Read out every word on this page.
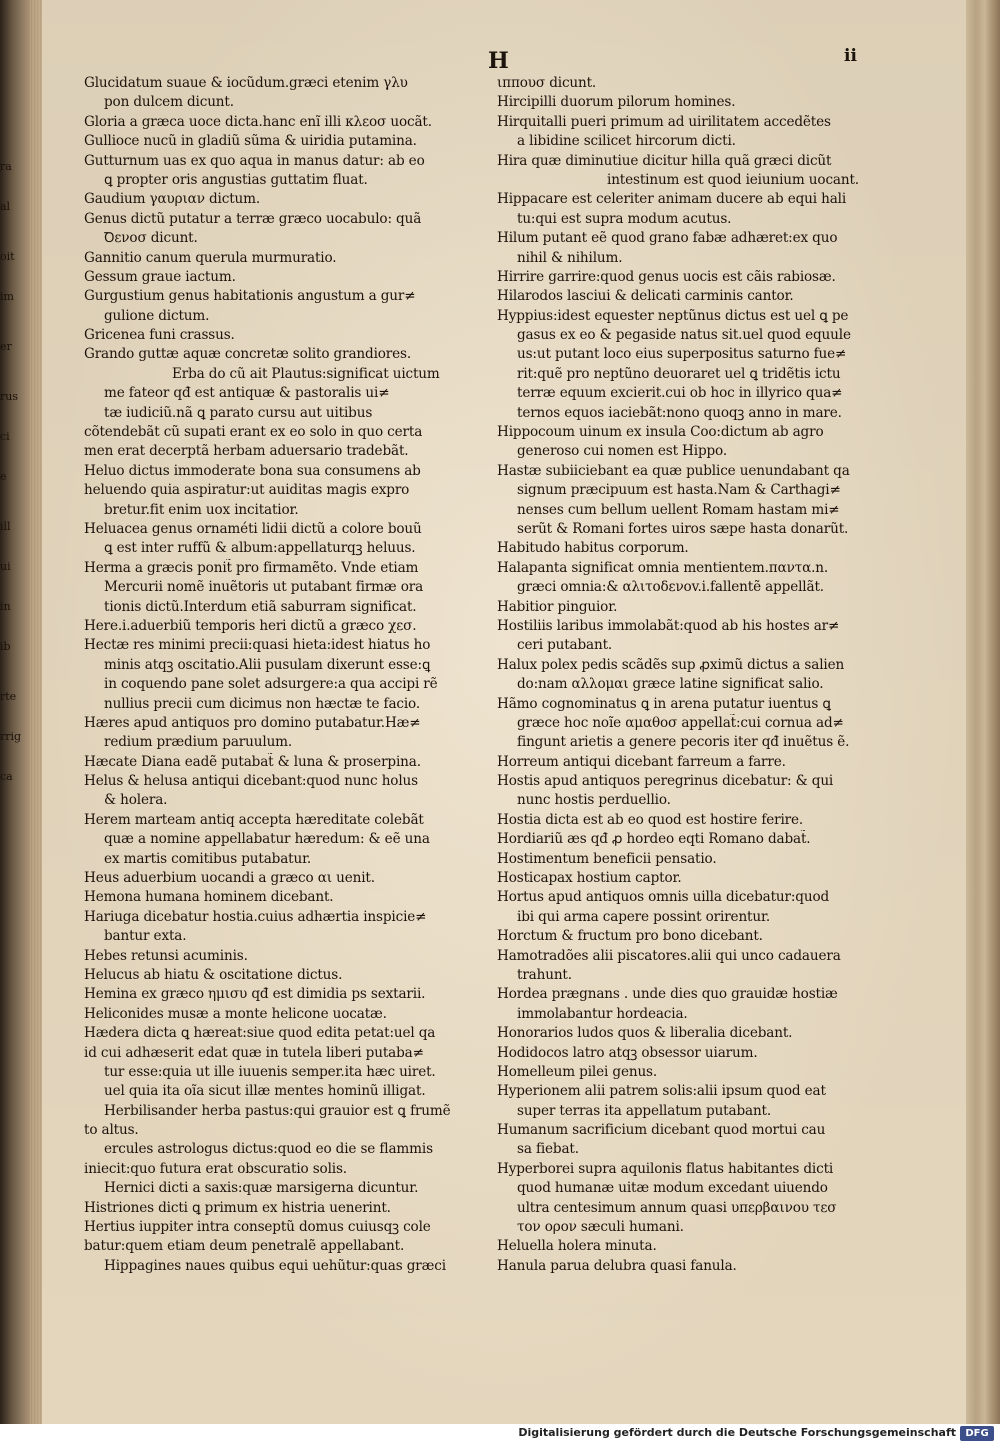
ra
al
oit
im
er
rus
ci
e
ill
ui
in
ib
rte
rrig
ca
H	ii
Glucidatum suaue & iocũdum.græci etenim γλυ
pon dulcem dicunt.
Gloria a græca uoce dicta.hanc enĩ illi κλεοσ uocãt.
Gullioce nucũ in gladiũ sũma & uiridia putamina.
Gutturnum uas ex quo aqua in manus datur: ab eo
ꝗ propter oris angustias guttatim fluat.
Gaudium γαυριαν dictum.
Genus dictũ putatur a terræ græco uocabulo: quã
Ꝺενοσ dicunt.
Gannitio canum querula murmuratio.
Gessum graue iactum.
Gurgustium genus habitationis angustum a gur≠
gulione dictum.
Gricenea funi crassus.
Grando guttæ aquæ concretæ solito grandiores.
Erba do cũ ait Plautus:significat uictum
me fateor qđ est antiquæ & pastoralis ui≠
tæ iudiciũ.nã ꝗ parato cursu aut uitibus
cõtendebãt cũ supati erant ex eo solo in quo certa
men erat decerptã herbam aduersario tradebãt.
Heluo dictus immoderate bona sua consumens ab
heluendo quia aspiratur:ut auiditas magis expro
bretur.fit enim uox incitatior.
Heluacea genus ornaméti lidii dictũ a colore bouũ
ꝗ est inter ruffũ & album:appellaturqꝫ heluus.
Herma a græcis ponit̃ pro firmamẽto. Vnde etiam
Mercurii nomẽ inuẽtoris ut putabant firmæ ora
tionis dictũ.Interdum etiã saburram significat.
Here.i.aduerbiũ temporis heri dictũ a græco χεσ.
Hectæ res minimi precii:quasi hieta:idest hiatus ho
minis atqꝫ oscitatio.Alii pusulam dixerunt esse:ꝗ
in coquendo pane solet adsurgere:a qua accipi rẽ
nullius precii cum dicimus non hæctæ te facio.
Hæres apud antiquos pro domino putabatur.Hæ≠
redium prædium paruulum.
Hæcate Diana eadẽ putabat̃ & luna & proserpina.
Helus & helusa antiqui dicebant:quod nunc holus
& holera.
Herem marteam antiq accepta hæreditate colebãt
quæ a nomine appellabatur hæredum: & eẽ una
ex martis comitibus putabatur.
Heus aduerbium uocandi a græco αι uenit.
Hemona humana hominem dicebant.
Hariuga dicebatur hostia.cuius adhærtia inspicie≠
bantur exta.
Hebes retunsi acuminis.
Helucus ab hiatu & oscitatione dictus.
Hemina ex græco ημισυ qđ est dimidia ps sextarii.
Heliconides musæ a monte helicone uocatæ.
Hædera dicta ꝗ hæreat:siue quod edita petat:uel qa
id cui adhæserit edat quæ in tutela liberi putaba≠
tur esse:quia ut ille iuuenis semper.ita hæc uiret.
uel quia ita oĩa sicut illæ mentes hominũ illigat.
Herbilisander herba pastus:qui grauior est ꝗ frumẽ
to altus.
ercules astrologus dictus:quod eo die se flammis
iniecit:quo futura erat obscuratio solis.
Hernici dicti a saxis:quæ marsigerna dicuntur.
Histriones dicti ꝗ primum ex histria uenerint.
Hertius iuppiter intra conseptũ domus cuiusqꝫ cole
batur:quem etiam deum penetralẽ appellabant.
Hippagines naues quibus equi uehũtur:quas græci
ιππουσ dicunt.
Hircipilli duorum pilorum homines.
Hirquitalli pueri primum ad uirilitatem accedẽtes
a libidine scilicet hircorum dicti.
Hira quæ diminutiue dicitur hilla quã græci dicũt
intestinum est quod ieiunium uocant.
Hippacare est celeriter animam ducere ab equi hali
tu:qui est supra modum acutus.
Hilum putant eẽ quod grano fabæ adhæret:ex quo
nihil & nihilum.
Hirrire garrire:quod genus uocis est cãis rabiosæ.
Hilarodos lasciui & delicati carminis cantor.
Hyppius:idest equester neptũnus dictus est uel ꝗ pe
gasus ex eo & pegaside natus sit.uel quod equule
us:ut putant loco eius superpositus saturno fue≠
rit:quẽ pro neptũno deuoraret uel ꝗ tridẽtis ictu
terræ equum excierit.cui ob hoc in illyrico qua≠
ternos equos iaciebãt:nono quoqꝫ anno in mare.
Hippocoum uinum ex insula Coo:dictum ab agro
generoso cui nomen est Hippo.
Hastæ subiiciebant ea quæ publice uenundabant qa
signum præcipuum est hasta.Nam & Carthagi≠
nenses cum bellum uellent Romam hastam mi≠
serũt & Romani fortes uiros sæpe hasta donarũt.
Habitudo habitus corporum.
Halapanta significat omnia mentientem.παντα.n.
græci omnia:& αλιτοδενοv.i.fallentẽ appellãt.
Habitior pinguior.
Hostiliis laribus immolabãt:quod ab his hostes ar≠
ceri putabant.
Halux polex pedis scãdẽs sup ꝓximũ dictus a salien
do:nam αλλομαι græce latine significat salio.
Hãmo cognominatus ꝗ in arena putatur iuentus ꝗ
græce hoc noĩe αμαθοσ appellat̃:cui cornua ad≠
fingunt arietis a genere pecoris iter qđ inuẽtus ẽ.
Horreum antiqui dicebant farreum a farre.
Hostis apud antiquos peregrinus dicebatur: & qui
nunc hostis perduellio.
Hostia dicta est ab eo quod est hostire ferire.
Hordiariũ æs qđ ꝓ hordeo eqti Romano dabat̃.
Hostimentum beneficii pensatio.
Hosticapax hostium captor.
Hortus apud antiquos omnis uilla dicebatur:quod
ibi qui arma capere possint orirentur.
Horctum & fructum pro bono dicebant.
Hamotradões alii piscatores.alii qui unco cadauera
trahunt.
Hordea prægnans . unde dies quo grauidæ hostiæ
immolabantur hordeacia.
Honorarios ludos quos & liberalia dicebant.
Hodidocos latro atqꝫ obsessor uiarum.
Homelleum pilei genus.
Hyperionem alii patrem solis:alii ipsum quod eat
super terras ita appellatum putabant.
Humanum sacrificium dicebant quod mortui cau
sa fiebat.
Hyperborei supra aquilonis flatus habitantes dicti
quod humanæ uitæ modum excedant uiuendo
ultra centesimum annum quasi υπερβαινου τεσ
τον ορον sæculi humani.
Heluella holera minuta.
Hanula parua delubra quasi fanula.
Digitalisierung gefördert durch die Deutsche Forschungsgemeinschaft DFG
